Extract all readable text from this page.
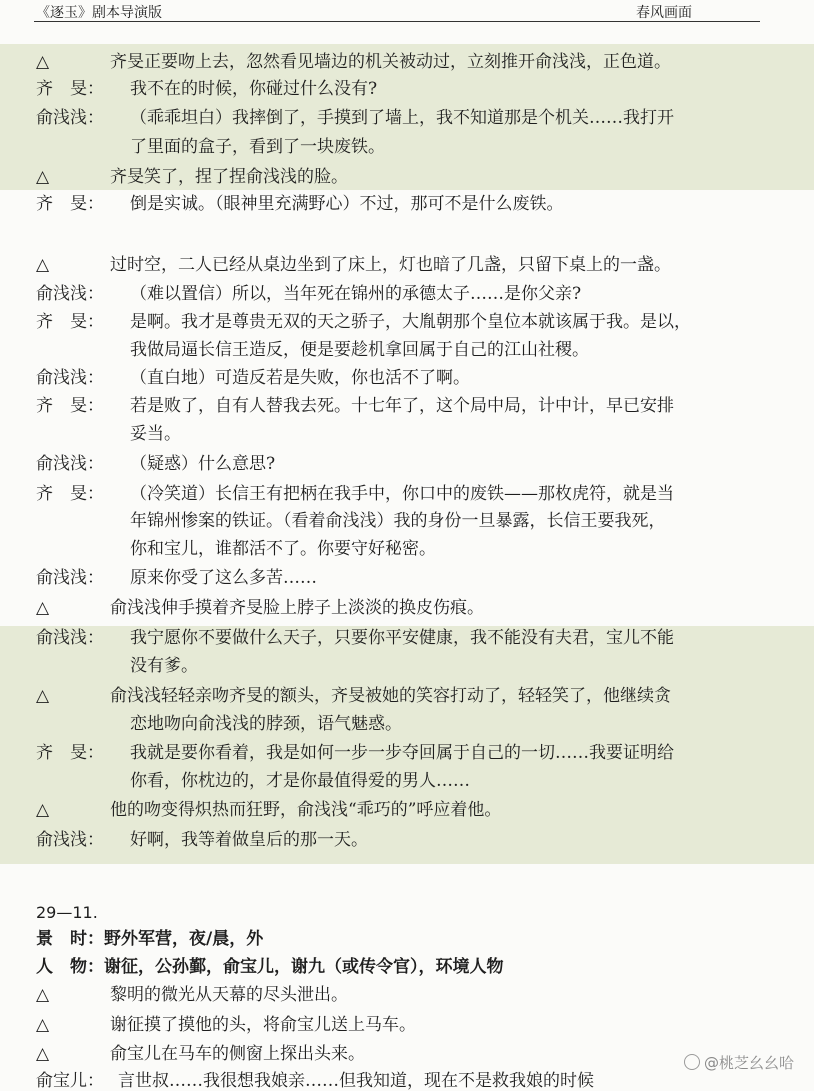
《逐玉》剧本导演版	春风画面
△	齐旻正要吻上去，忽然看见墙边的机关被动过，立刻推开俞浅浅，正色道。
齐　旻： 我不在的时候，你碰过什么没有?
俞浅浅： （乖乖坦白）我摔倒了，手摸到了墙上，我不知道那是个机关……我打开
了里面的盒子，看到了一块废铁。
△	齐旻笑了，捏了捏俞浅浅的脸。
齐　旻： 倒是实诚。（眼神里充满野心）不过，那可不是什么废铁。
△	过时空，二人已经从桌边坐到了床上，灯也暗了几盏，只留下桌上的一盏。
俞浅浅： （难以置信）所以，当年死在锦州的承德太子……是你父亲?
齐　旻： 是啊。我才是尊贵无双的天之骄子，大胤朝那个皇位本就该属于我。是以，
我做局逼长信王造反，便是要趁机拿回属于自己的江山社稷。
俞浅浅： （直白地）可造反若是失败，你也活不了啊。
齐　旻： 若是败了，自有人替我去死。十七年了，这个局中局，计中计，早已安排
妥当。
俞浅浅： （疑惑）什么意思?
齐　旻： （冷笑道）长信王有把柄在我手中，你口中的废铁——那枚虎符，就是当
年锦州惨案的铁证。（看着俞浅浅）我的身份一旦暴露，长信王要我死，
你和宝儿，谁都活不了。你要守好秘密。
俞浅浅： 原来你受了这么多苦……
△	俞浅浅伸手摸着齐旻脸上脖子上淡淡的换皮伤痕。
俞浅浅： 我宁愿你不要做什么天子，只要你平安健康，我不能没有夫君，宝儿不能
没有爹。
△	俞浅浅轻轻亲吻齐旻的额头，齐旻被她的笑容打动了，轻轻笑了，他继续贪
恋地吻向俞浅浅的脖颈，语气魅惑。
齐　旻： 我就是要你看着，我是如何一步一步夺回属于自己的一切……我要证明给
你看，你枕边的，才是你最值得爱的男人……
△	他的吻变得炽热而狂野，俞浅浅“乖巧的”呼应着他。
俞浅浅： 好啊，我等着做皇后的那一天。
29—11.
景　时：野外军营，夜/晨，外
人　物：谢征，公孙鄞，俞宝儿，谢九（或传令官），环境人物
△	黎明的微光从天幕的尽头泄出。
△	谢征摸了摸他的头，将俞宝儿送上马车。
△	俞宝儿在马车的侧窗上探出头来。
俞宝儿： 言世叔……我很想我娘亲……但我知道，现在不是救我娘的时候
@桃芝幺幺哈
